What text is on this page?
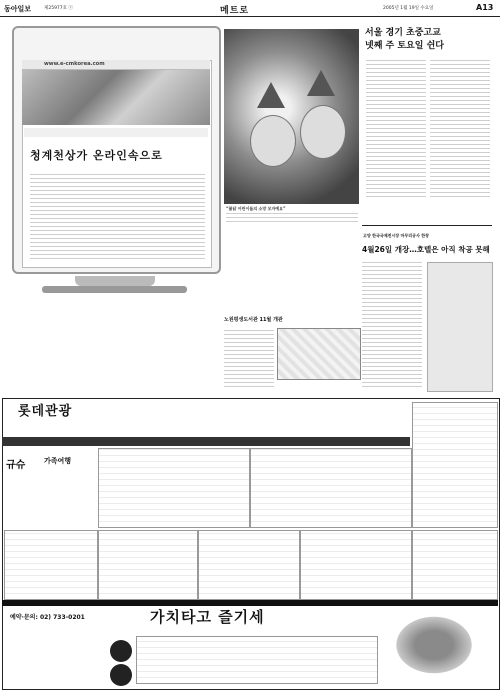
동아일보	제25977호 ⓒ	메트로	2005년 1월 19일 수요일	A13
www.e-cmkorea.com
청계천상가 온라인속으로
“붉닭 어린이들의 소망 모자예요”
서울 경기 초중고교
넷째 주 토요일 쉰다
고양 한국국제전시장 마무리공사 한창
4월26일 개장…호텔은 아직 착공 못해
노원평생도서관 11월 개관
롯데관광
규슈	가족여행
예약·문의: 02) 733-0201	가치타고 즐기세
